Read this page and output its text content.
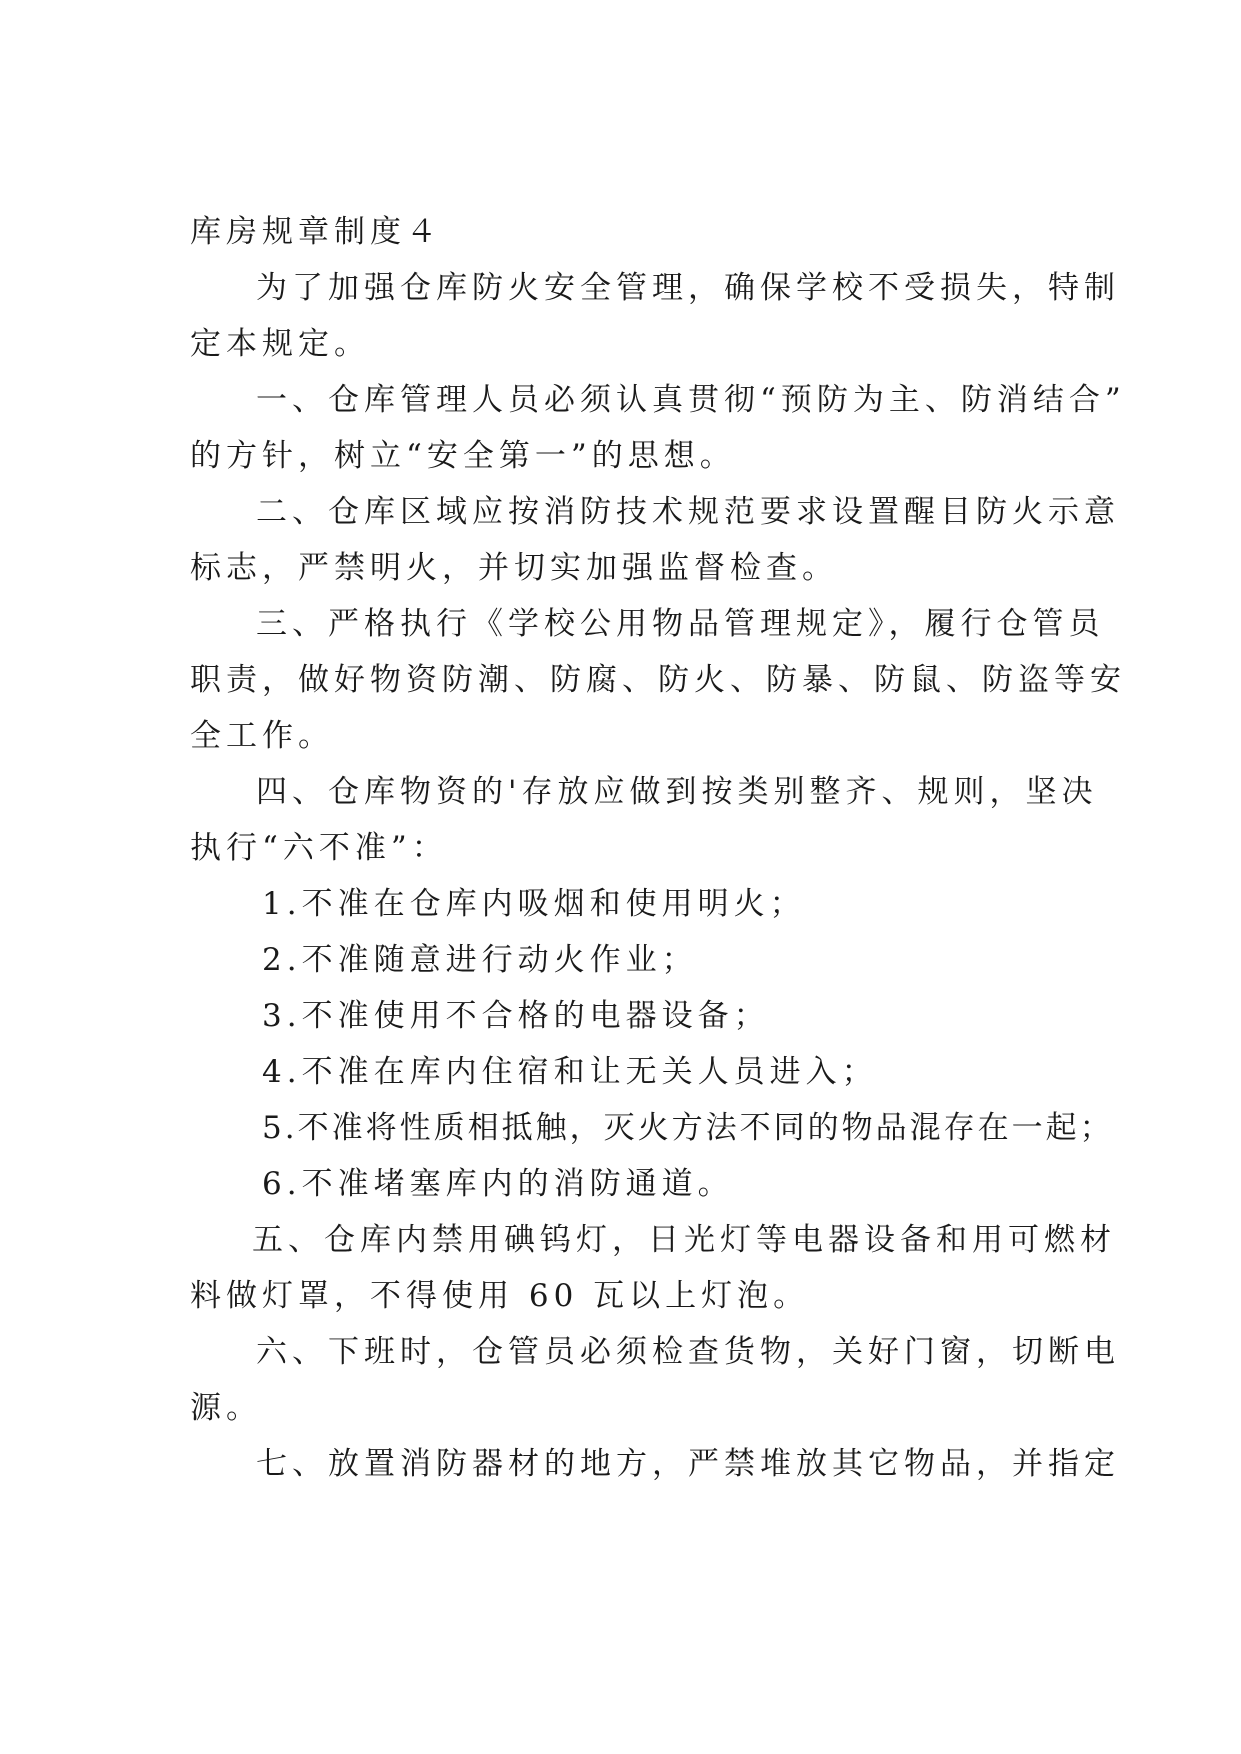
库房规章制度４
为了加强仓库防火安全管理，确保学校不受损失，特制
定本规定。
一、仓库管理人员必须认真贯彻“预防为主、防消结合”
的方针，树立“安全第一”的思想。
二、仓库区域应按消防技术规范要求设置醒目防火示意
标志，严禁明火，并切实加强监督检查。
三、严格执行《学校公用物品管理规定》，履行仓管员
职责，做好物资防潮、防腐、防火、防暴、防鼠、防盗等安
全工作。
四、仓库物资的'存放应做到按类别整齐、规则，坚决
执行“六不准”：
1.不准在仓库内吸烟和使用明火；
2.不准随意进行动火作业；
3.不准使用不合格的电器设备；
4.不准在库内住宿和让无关人员进入；
5.不准将性质相抵触，灭火方法不同的物品混存在一起；
6.不准堵塞库内的消防通道。
五、仓库内禁用碘钨灯，日光灯等电器设备和用可燃材
料做灯罩，不得使用 60 瓦以上灯泡。
六、下班时，仓管员必须检查货物，关好门窗，切断电
源。
七、放置消防器材的地方，严禁堆放其它物品，并指定
